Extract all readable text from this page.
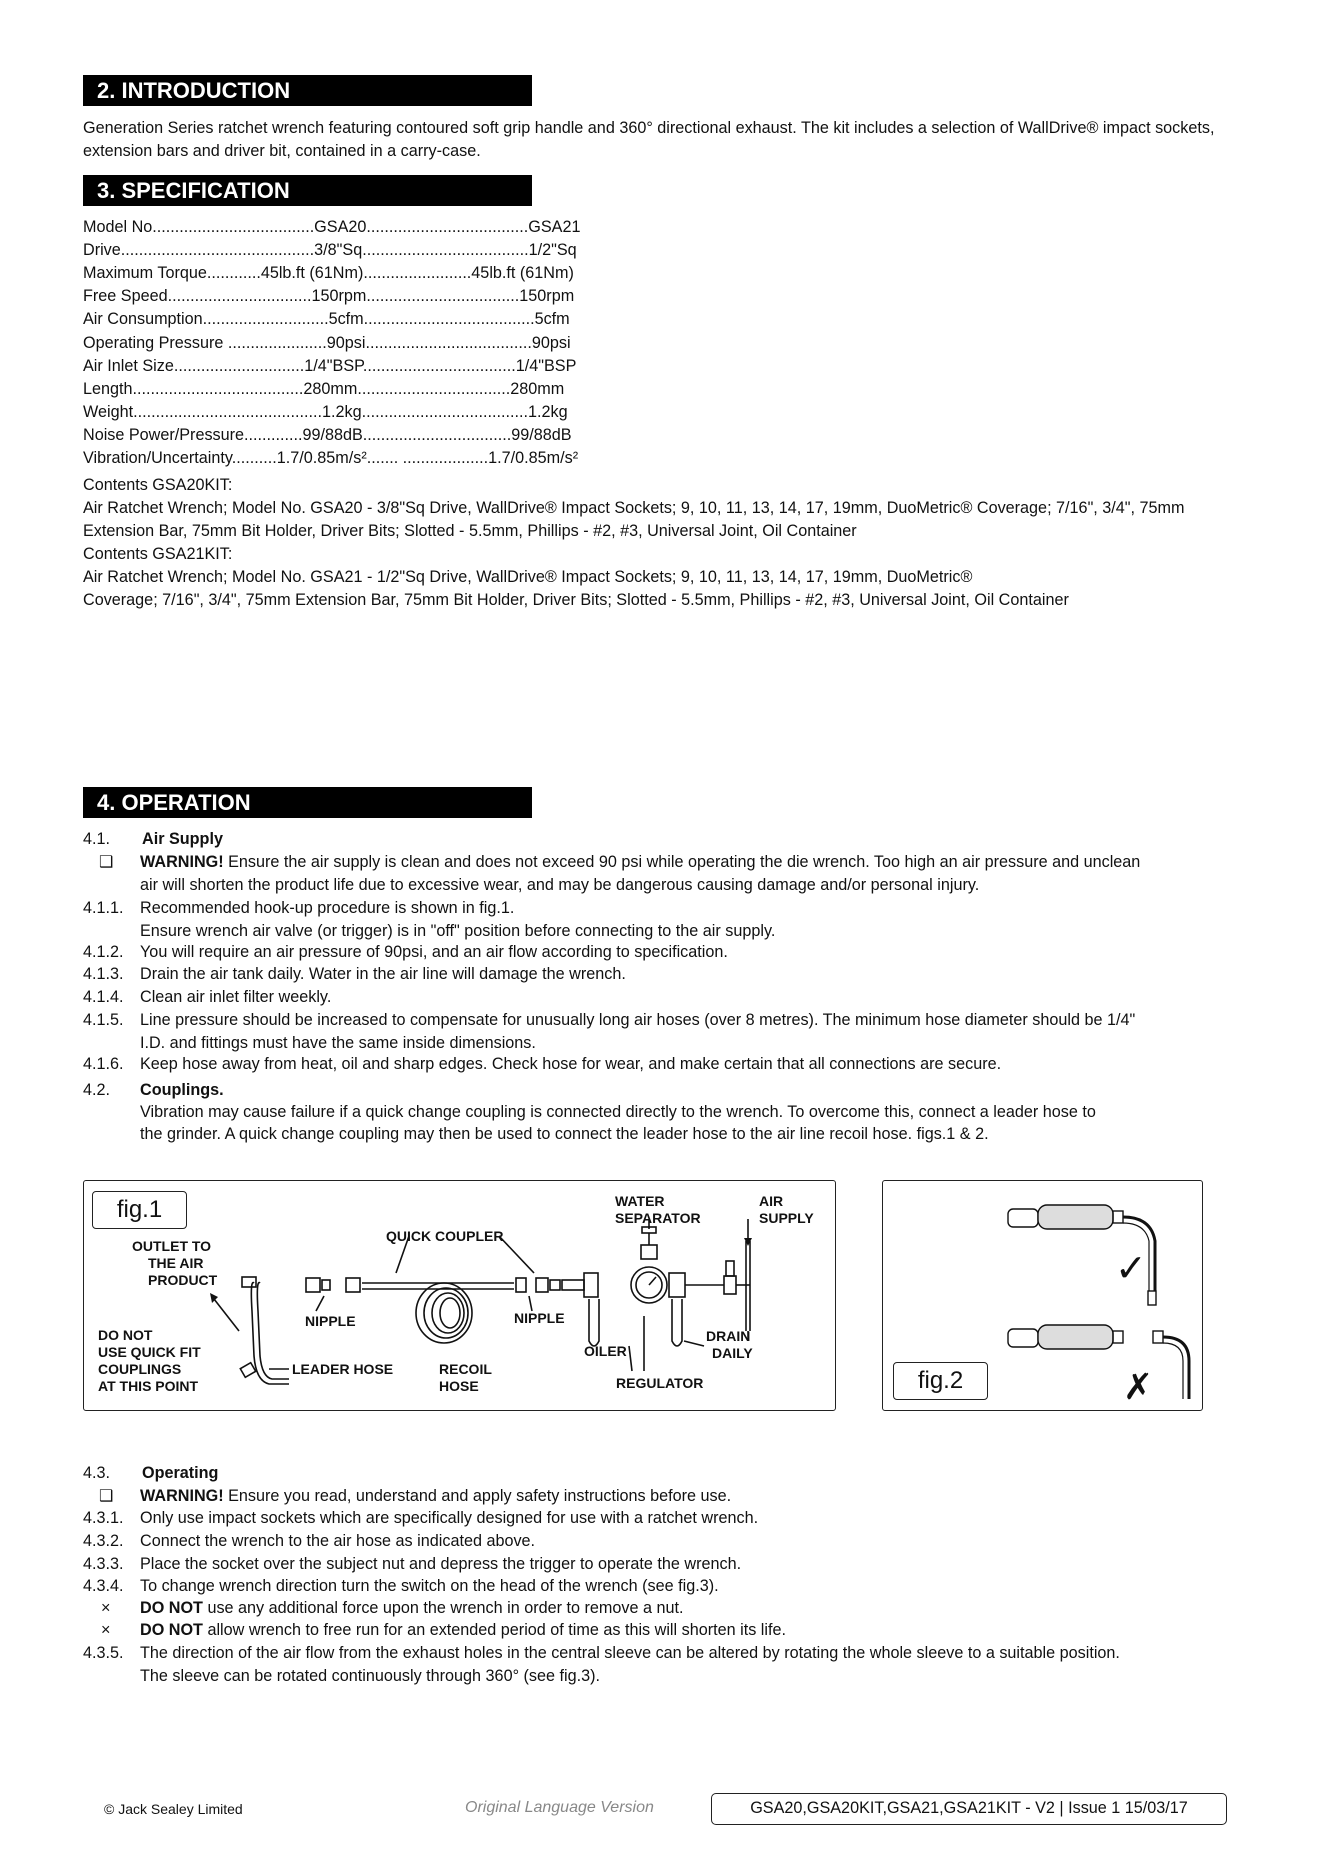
2. INTRODUCTION
Generation Series ratchet wrench featuring contoured soft grip handle and 360° directional exhaust. The kit includes a selection of WallDrive® impact sockets, extension bars and driver bit, contained in a carry-case.
3. SPECIFICATION
Model No....................................GSA20....................................GSA21
Drive...........................................3/8"Sq.....................................1/2"Sq
Maximum Torque............45lb.ft (61Nm)........................45lb.ft (61Nm)
Free Speed................................150rpm..................................150rpm
Air Consumption............................5cfm......................................5cfm
Operating Pressure ......................90psi.....................................90psi
Air Inlet Size.............................1/4"BSP..................................1/4"BSP
Length......................................280mm..................................280mm
Weight..........................................1.2kg.....................................1.2kg
Noise Power/Pressure.............99/88dB.................................99/88dB
Vibration/Uncertainty..........1.7/0.85m/s²....... ...................1.7/0.85m/s²
Contents GSA20KIT:
Air Ratchet Wrench; Model No. GSA20 - 3/8"Sq Drive, WallDrive® Impact Sockets; 9, 10, 11, 13, 14, 17, 19mm, DuoMetric® Coverage; 7/16", 3/4", 75mm Extension Bar, 75mm Bit Holder, Driver Bits; Slotted - 5.5mm, Phillips - #2, #3, Universal Joint, Oil Container
Contents GSA21KIT:
Air Ratchet Wrench; Model No. GSA21 - 1/2"Sq Drive, WallDrive® Impact Sockets; 9, 10, 11, 13, 14, 17, 19mm, DuoMetric®
Coverage; 7/16", 3/4", 75mm Extension Bar, 75mm Bit Holder, Driver Bits; Slotted - 5.5mm, Phillips - #2, #3, Universal Joint, Oil Container
4. OPERATION
4.1. Air Supply
❑ WARNING! Ensure the air supply is clean and does not exceed 90 psi while operating the die wrench. Too high an air pressure and unclean
air will shorten the product life due to excessive wear, and may be dangerous causing damage and/or personal injury.
4.1.1. Recommended hook-up procedure is shown in fig.1.
Ensure wrench air valve (or trigger) is in "off" position before connecting to the air supply.
4.1.2. You will require an air pressure of 90psi, and an air flow according to specification.
4.1.3. Drain the air tank daily. Water in the air line will damage the wrench.
4.1.4. Clean air inlet filter weekly.
4.1.5. Line pressure should be increased to compensate for unusually long air hoses (over 8 metres). The minimum hose diameter should be 1/4"
I.D. and fittings must have the same inside dimensions.
4.1.6. Keep hose away from heat, oil and sharp edges. Check hose for wear, and make certain that all connections are secure.
4.2. Couplings.
Vibration may cause failure if a quick change coupling is connected directly to the wrench. To overcome this, connect a leader hose to
the grinder. A quick change coupling may then be used to connect the leader hose to the air line recoil hose. figs.1 & 2.
fig.1
OUTLET TO
THE AIR
PRODUCT
QUICK COUPLER
WATER
SEPARATOR
AIR
SUPPLY
NIPPLE	NIPPLE
DO NOT
USE QUICK FIT
COUPLINGS
AT THIS POINT
LEADER HOSE	RECOIL
HOSE
OILER
DRAIN
DAILY
REGULATOR
✓
✗
fig.2
4.3. Operating
❑ WARNING! Ensure you read, understand and apply safety instructions before use.
4.3.1. Only use impact sockets which are specifically designed for use with a ratchet wrench.
4.3.2. Connect the wrench to the air hose as indicated above.
4.3.3. Place the socket over the subject nut and depress the trigger to operate the wrench.
4.3.4. To change wrench direction turn the switch on the head of the wrench (see fig.3).
× DO NOT use any additional force upon the wrench in order to remove a nut.
× DO NOT allow wrench to free run for an extended period of time as this will shorten its life.
4.3.5. The direction of the air flow from the exhaust holes in the central sleeve can be altered by rotating the whole sleeve to a suitable position.
The sleeve can be rotated continuously through 360° (see fig.3).
© Jack Sealey Limited	Original Language Version	GSA20,GSA20KIT,GSA21,GSA21KIT - V2 | Issue 1 15/03/17
